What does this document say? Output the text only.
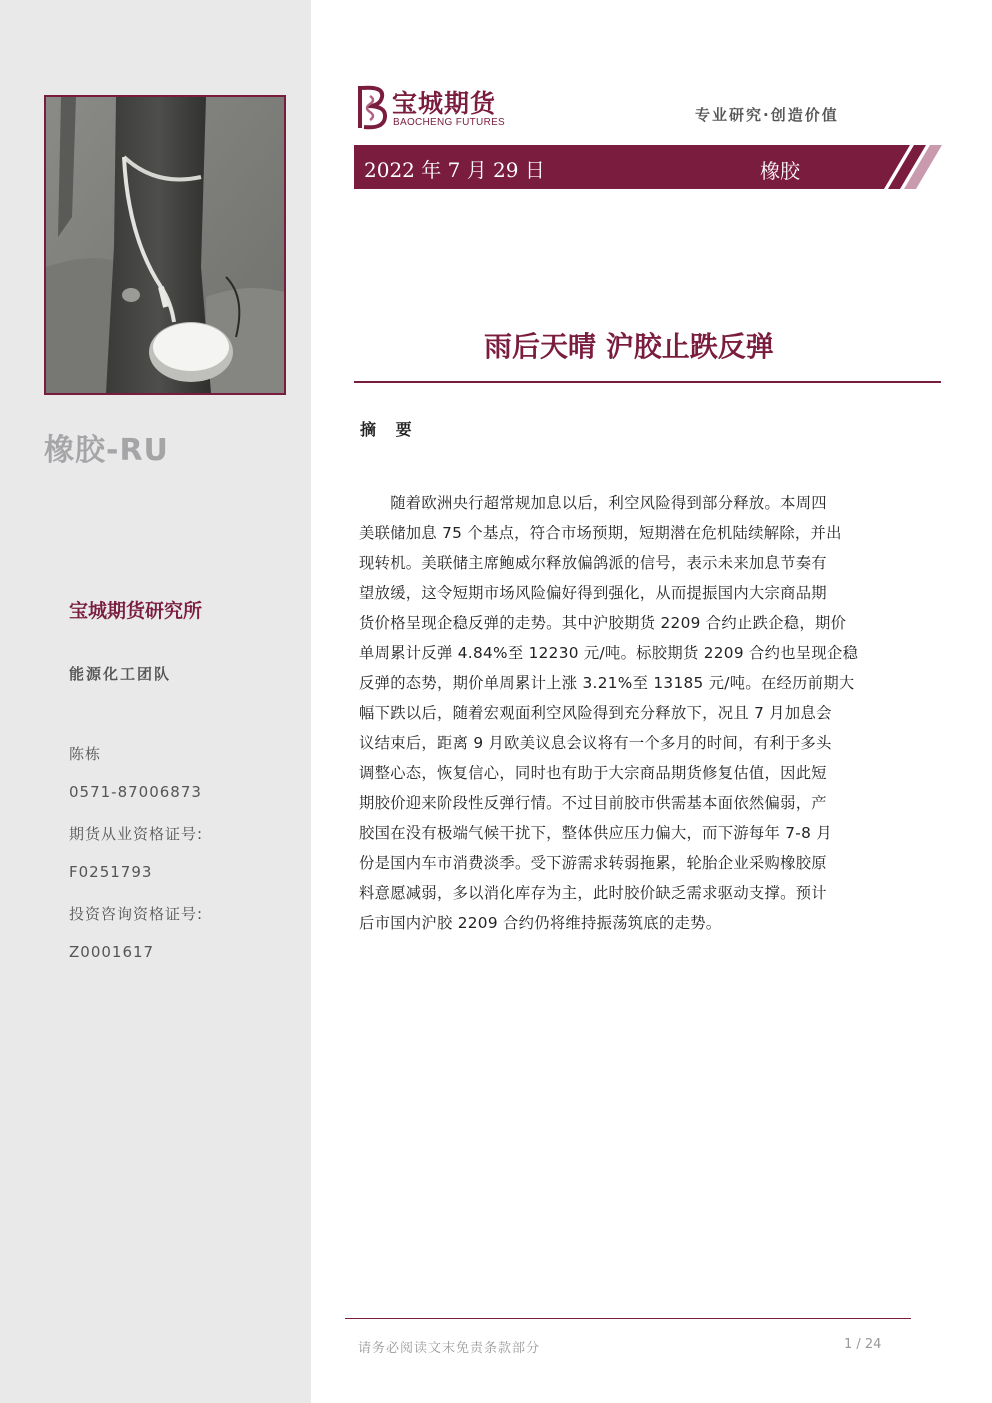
橡胶-RU
宝城期货研究所
能源化工团队
陈栋
0571-87006873
期货从业资格证号:
F0251793
投资咨询资格证号:
Z0001617
宝城期货
BAOCHENG FUTURES	专业研究·创造价值
2022 年 7 月 29 日	橡胶
雨后天晴 沪胶止跌反弹
摘 要
　　随着欧洲央行超常规加息以后，利空风险得到部分释放。本周四
美联储加息 75 个基点，符合市场预期，短期潜在危机陆续解除，并出
现转机。美联储主席鲍威尔释放偏鸽派的信号，表示未来加息节奏有
望放缓，这令短期市场风险偏好得到强化，从而提振国内大宗商品期
货价格呈现企稳反弹的走势。其中沪胶期货 2209 合约止跌企稳，期价
单周累计反弹 4.84%至 12230 元/吨。标胶期货 2209 合约也呈现企稳
反弹的态势，期价单周累计上涨 3.21%至 13185 元/吨。在经历前期大
幅下跌以后，随着宏观面利空风险得到充分释放下，况且 7 月加息会
议结束后，距离 9 月欧美议息会议将有一个多月的时间，有利于多头
调整心态，恢复信心，同时也有助于大宗商品期货修复估值，因此短
期胶价迎来阶段性反弹行情。不过目前胶市供需基本面依然偏弱，产
胶国在没有极端气候干扰下，整体供应压力偏大，而下游每年 7-8 月
份是国内车市消费淡季。受下游需求转弱拖累，轮胎企业采购橡胶原
料意愿减弱，多以消化库存为主，此时胶价缺乏需求驱动支撑。预计
后市国内沪胶 2209 合约仍将维持振荡筑底的走势。
请务必阅读文末免责条款部分	1 / 24
